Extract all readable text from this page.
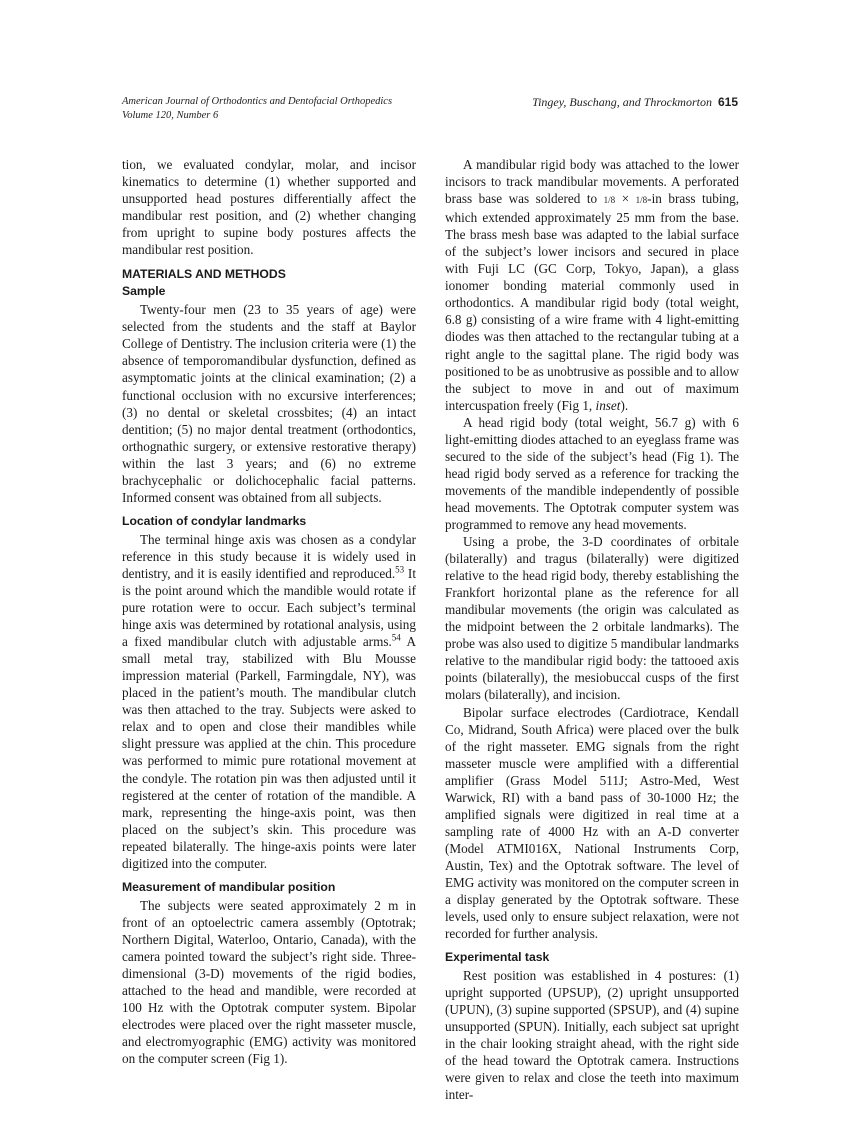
American Journal of Orthodontics and Dentofacial Orthopedics
Volume 120, Number 6
Tingey, Buschang, and Throckmorton 615

tion, we evaluated condylar, molar, and incisor kinematics to determine (1) whether supported and unsupported head postures differentially affect the mandibular rest position, and (2) whether changing from upright to supine body postures affects the mandibular rest position.

MATERIALS AND METHODS
Sample

Twenty-four men (23 to 35 years of age) were selected from the students and the staff at Baylor College of Dentistry. The inclusion criteria were (1) the absence of temporomandibular dysfunction, defined as asymptomatic joints at the clinical examination; (2) a functional occlusion with no excursive interferences; (3) no dental or skeletal crossbites; (4) an intact dentition; (5) no major dental treatment (orthodontics, orthognathic surgery, or extensive restorative therapy) within the last 3 years; and (6) no extreme brachycephalic or dolichocephalic facial patterns. Informed consent was obtained from all subjects.

Location of condylar landmarks

The terminal hinge axis was chosen as a condylar reference in this study because it is widely used in dentistry, and it is easily identified and reproduced.$^{53}$ It is the point around which the mandible would rotate if pure rotation were to occur. Each subject’s terminal hinge axis was determined by rotational analysis, using a fixed mandibular clutch with adjustable arms.$^{54}$ A small metal tray, stabilized with Blu Mousse impression material (Parkell, Farmingdale, NY), was placed in the patient’s mouth. The mandibular clutch was then attached to the tray. Subjects were asked to relax and to open and close their mandibles while slight pressure was applied at the chin. This procedure was performed to mimic pure rotational movement at the condyle. The rotation pin was then adjusted until it registered at the center of rotation of the mandible. A mark, representing the hinge-axis point, was then placed on the subject’s skin. This procedure was repeated bilaterally. The hinge-axis points were later digitized into the computer.

Measurement of mandibular position

The subjects were seated approximately 2 m in front of an optoelectric camera assembly (Optotrak; Northern Digital, Waterloo, Ontario, Canada), with the camera pointed toward the subject’s right side. Three-dimensional (3-D) movements of the rigid bodies, attached to the head and mandible, were recorded at 100 Hz with the Optotrak computer system. Bipolar electrodes were placed over the right masseter muscle, and electromyographic (EMG) activity was monitored on the computer screen (Fig 1).

A mandibular rigid body was attached to the lower incisors to track mandibular movements. A perforated brass base was soldered to 1/8 × 1/8-in brass tubing, which extended approximately 25 mm from the base. The brass mesh base was adapted to the labial surface of the subject’s lower incisors and secured in place with Fuji LC (GC Corp, Tokyo, Japan), a glass ionomer bonding material commonly used in orthodontics. A mandibular rigid body (total weight, 6.8 g) consisting of a wire frame with 4 light-emitting diodes was then attached to the rectangular tubing at a right angle to the sagittal plane. The rigid body was positioned to be as unobtrusive as possible and to allow the subject to move in and out of maximum intercuspation freely (Fig 1, inset).

A head rigid body (total weight, 56.7 g) with 6 light-emitting diodes attached to an eyeglass frame was secured to the side of the subject’s head (Fig 1). The head rigid body served as a reference for tracking the movements of the mandible independently of possible head movements. The Optotrak computer system was programmed to remove any head movements.

Using a probe, the 3-D coordinates of orbitale (bilaterally) and tragus (bilaterally) were digitized relative to the head rigid body, thereby establishing the Frankfort horizontal plane as the reference for all mandibular movements (the origin was calculated as the midpoint between the 2 orbitale landmarks). The probe was also used to digitize 5 mandibular landmarks relative to the mandibular rigid body: the tattooed axis points (bilaterally), the mesiobuccal cusps of the first molars (bilaterally), and incision.

Bipolar surface electrodes (Cardiotrace, Kendall Co, Midrand, South Africa) were placed over the bulk of the right masseter. EMG signals from the right masseter muscle were amplified with a differential amplifier (Grass Model 511J; Astro-Med, West Warwick, RI) with a band pass of 30-1000 Hz; the amplified signals were digitized in real time at a sampling rate of 4000 Hz with an A-D converter (Model ATMI016X, National Instruments Corp, Austin, Tex) and the Optotrak software. The level of EMG activity was monitored on the computer screen in a display generated by the Optotrak software. These levels, used only to ensure subject relaxation, were not recorded for further analysis.

Experimental task

Rest position was established in 4 postures: (1) upright supported (UPSUP), (2) upright unsupported (UPUN), (3) supine supported (SPSUP), and (4) supine unsupported (SPUN). Initially, each subject sat upright in the chair looking straight ahead, with the right side of the head toward the Optotrak camera. Instructions were given to relax and close the teeth into maximum inter-
